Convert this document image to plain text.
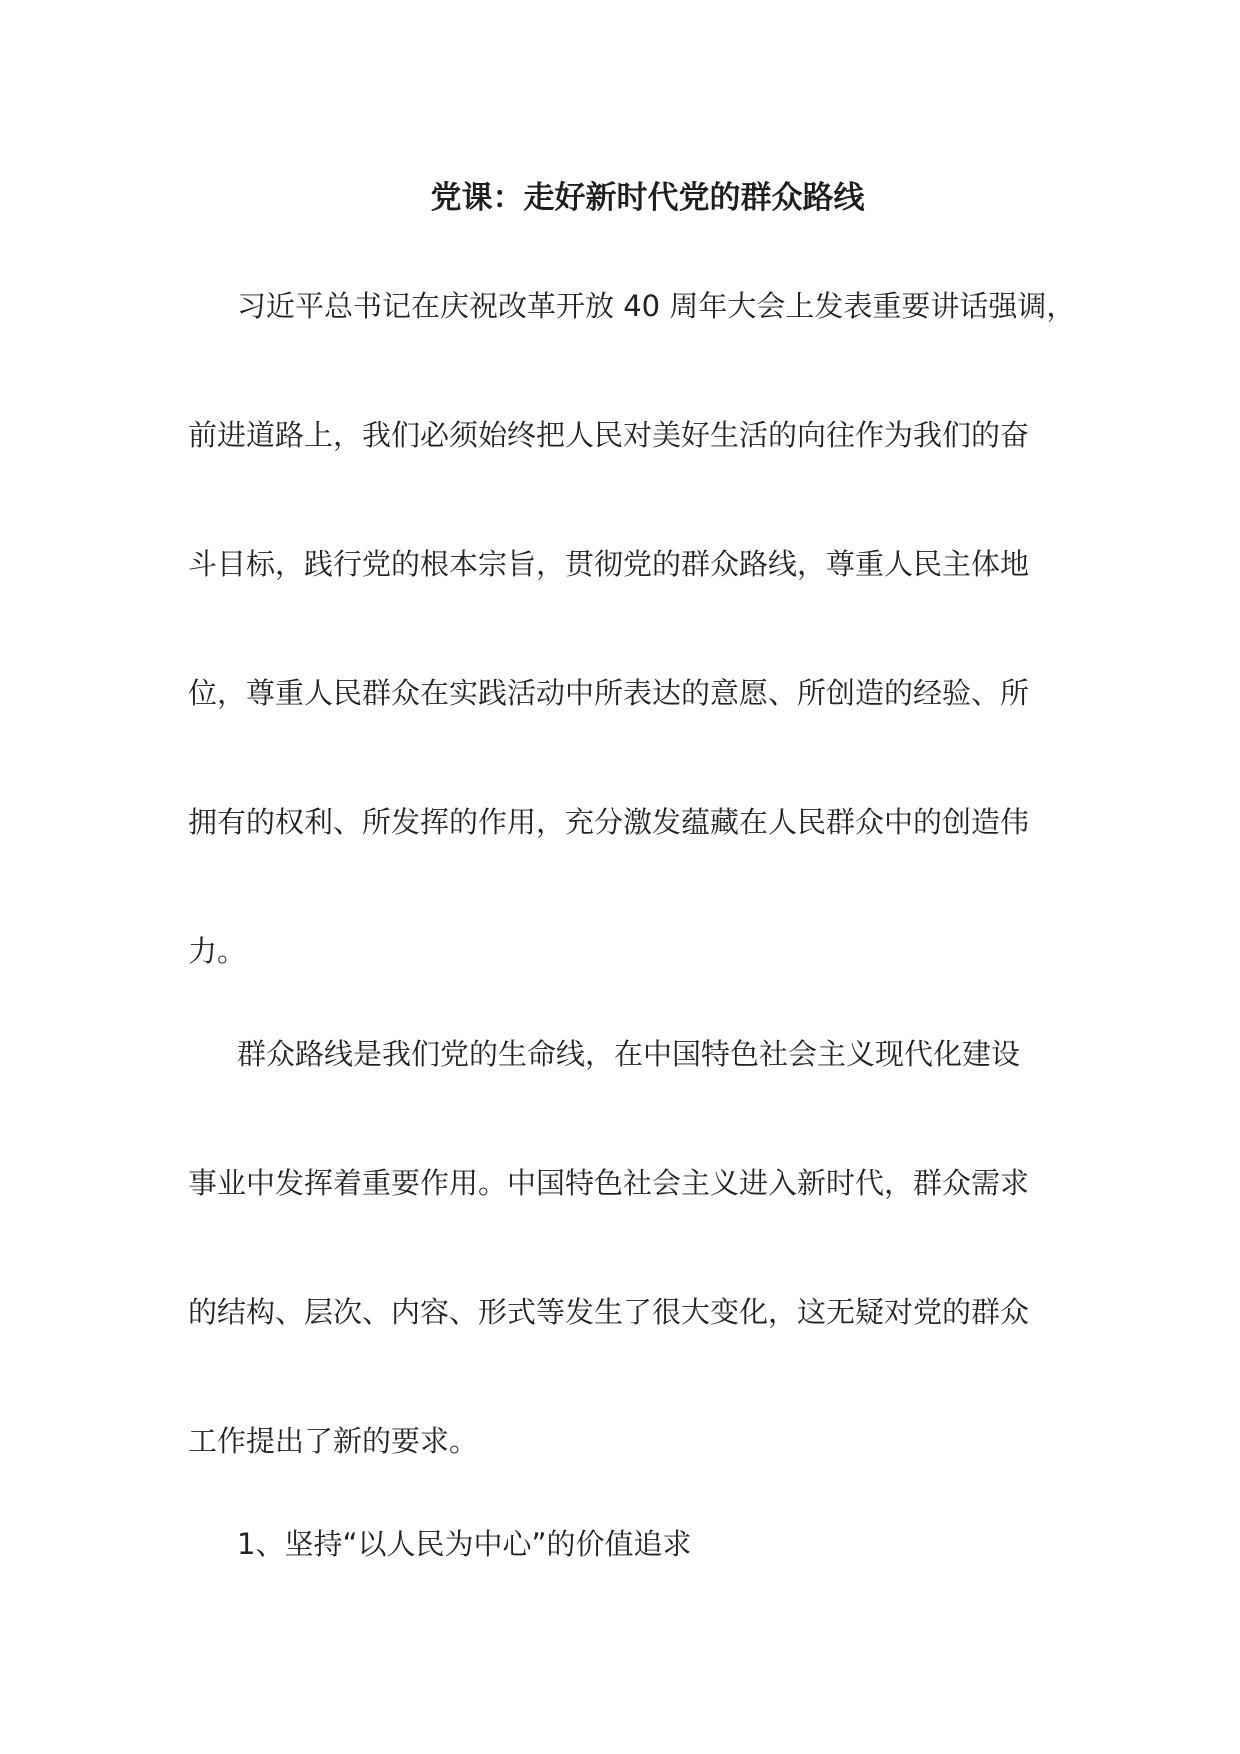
党课：走好新时代党的群众路线
习近平总书记在庆祝改革开放 40 周年大会上发表重要讲话强调，
前进道路上，我们必须始终把人民对美好生活的向往作为我们的奋
斗目标，践行党的根本宗旨，贯彻党的群众路线，尊重人民主体地
位，尊重人民群众在实践活动中所表达的意愿、所创造的经验、所
拥有的权利、所发挥的作用，充分激发蕴藏在人民群众中的创造伟
力。
群众路线是我们党的生命线，在中国特色社会主义现代化建设
事业中发挥着重要作用。中国特色社会主义进入新时代，群众需求
的结构、层次、内容、形式等发生了很大变化，这无疑对党的群众
工作提出了新的要求。
1、坚持“以人民为中心”的价值追求
